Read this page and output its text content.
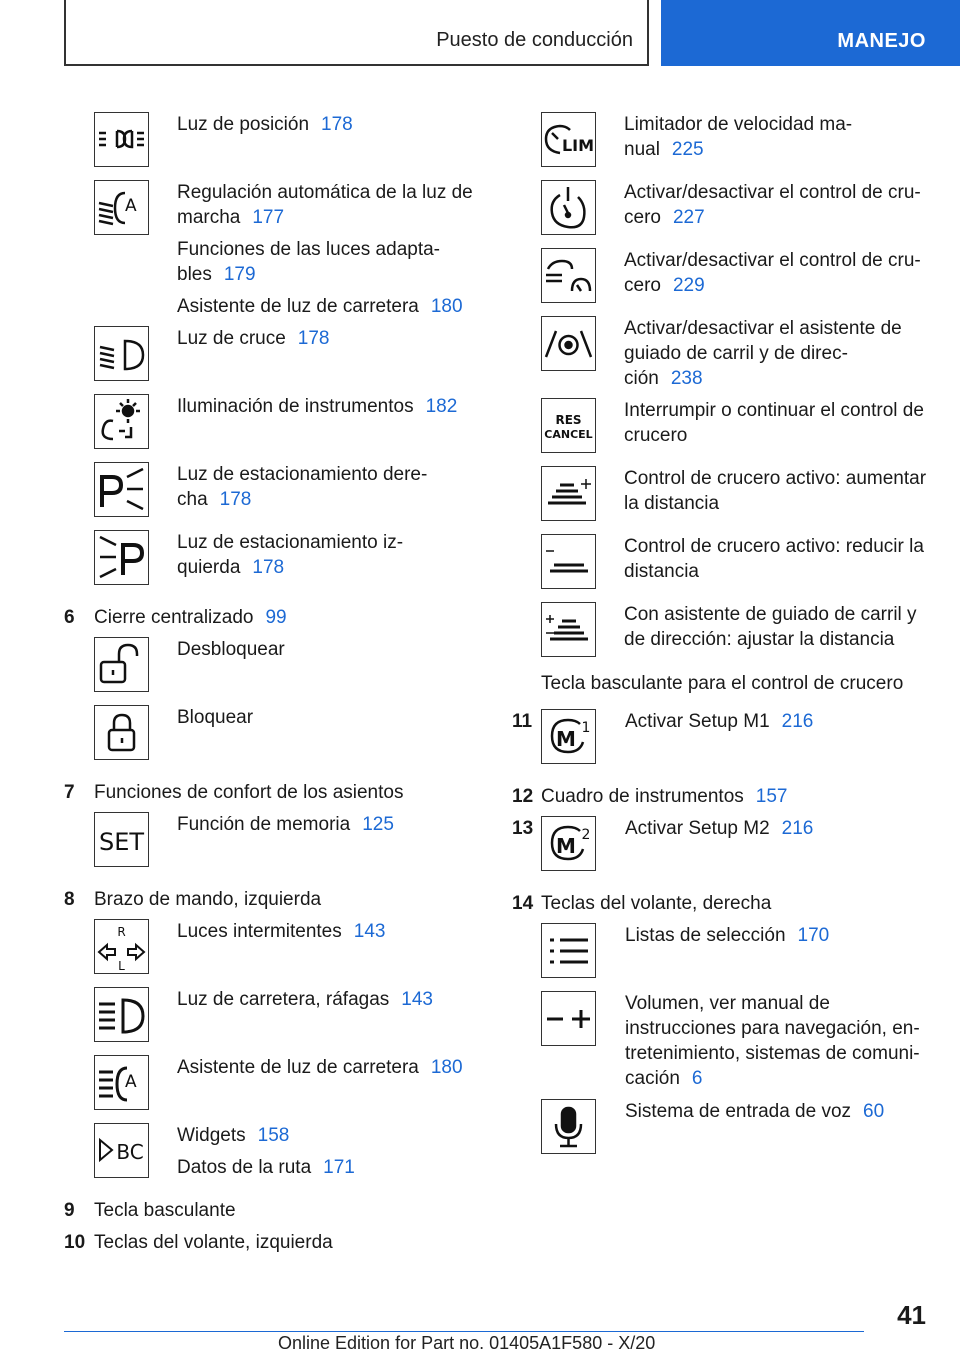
Puesto de conducción	MANEJO
Luz de posición 178
A
Regulación automática de la luz de
marcha 177
Funciones de las luces adapta-
bles 179
Asistente de luz de carretera 180
Luz de cruce 178
Iluminación de instrumentos 182
Luz de estacionamiento dere-
cha 178
Luz de estacionamiento iz-
quierda 178
6 Cierre centralizado 99
Desbloquear
Bloquear
7 Funciones de confort de los asientos
SET
Función de memoria 125
8 Brazo de mando, izquierda
R
L
Luces intermitentes 143
Luz de carretera, ráfagas 143
A
Asistente de luz de carretera 180
BC
Widgets 158
Datos de la ruta 171
9 Tecla basculante
10 Teclas del volante, izquierda
LIM
Limitador de velocidad ma-
nual 225
Activar/desactivar el control de cru-
cero 227
Activar/desactivar el control de cru-
cero 229
Activar/desactivar el asistente de
guiado de carril y de direc-
ción 238
RES
CANCEL
Interrumpir o continuar el control de
crucero
Control de crucero activo: aumentar
la distancia
Control de crucero activo: reducir la
distancia
Con asistente de guiado de carril y
de dirección: ajustar la distancia
Tecla basculante para el control de crucero
11
M 1 Activar Setup M1 216
12 Cuadro de instrumentos 157
13
M 2 Activar Setup M2 216
14 Teclas del volante, derecha
Listas de selección 170
Volumen, ver manual de
instrucciones para navegación, en-
tretenimiento, sistemas de comuni-
cación 6
Sistema de entrada de voz 60
41
Online Edition for Part no. 01405A1F580 - X/20
